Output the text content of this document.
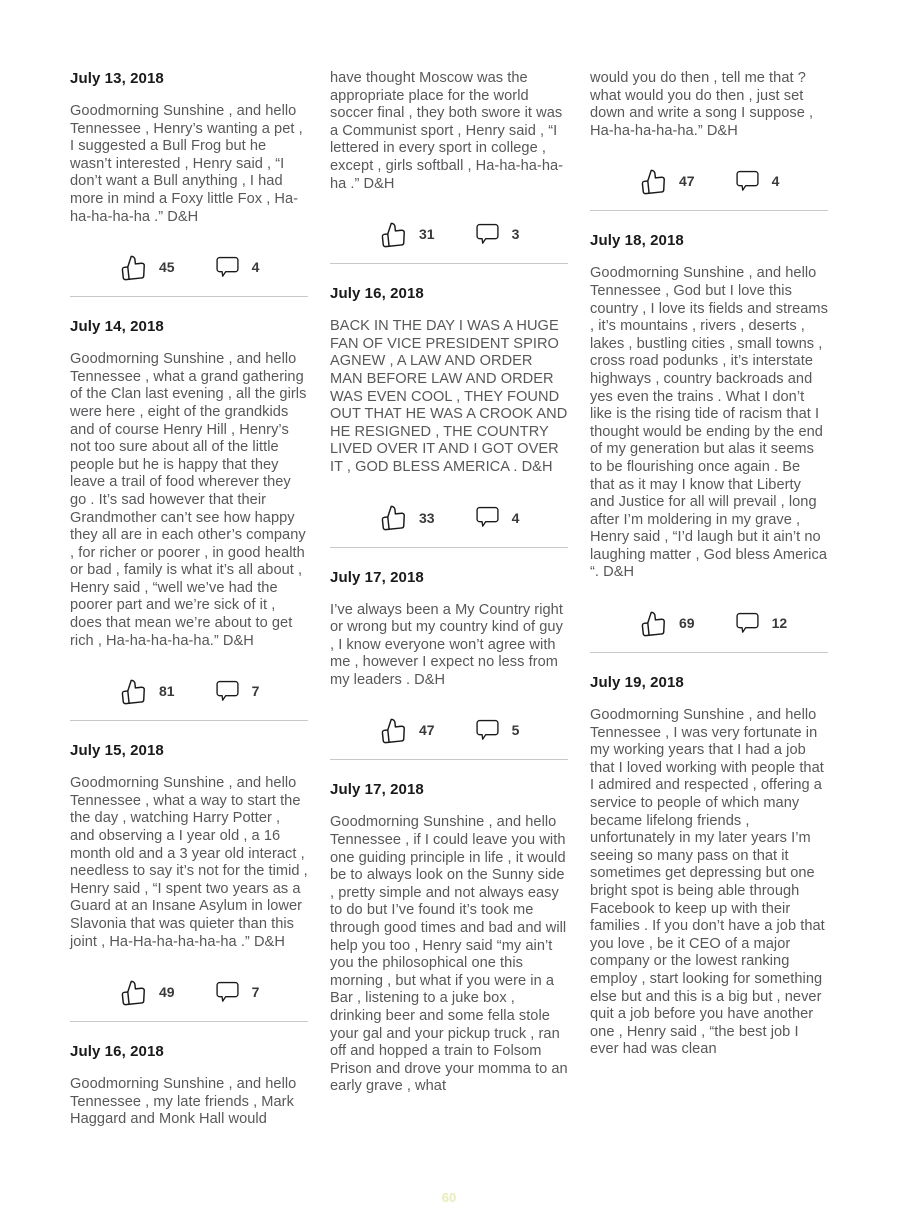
July 13, 2018

Goodmorning Sunshine , and hello Tennessee , Henry’s wanting a pet , I suggested a Bull Frog but he wasn’t interested , Henry said , “I don’t want a Bull anything , I had more in mind a Foxy little Fox , Ha-ha-ha-ha-ha .” D&H

45	4
July 14, 2018

Goodmorning Sunshine , and hello Tennessee , what a grand gathering of the Clan last evening , all the girls were here , eight of the grandkids and of course Henry Hill , Henry’s not too sure about all of the little people but he is happy that they leave a trail of food wherever they go . It’s sad however that their Grandmother can’t see how happy they all are in each other’s company , for richer or poorer , in good health or bad , family is what it’s all about , Henry said , “well we’ve had the poorer part and we’re sick of it , does that mean we’re about to get rich , Ha-ha-ha-ha-ha.” D&H

81	7
July 15, 2018

Goodmorning Sunshine , and hello Tennessee , what a way to start the the day , watching Harry Potter , and observing a I year old , a 16 month old and a 3 year old interact , needless to say it’s not for the timid , Henry said , “I spent two years as a Guard at an Insane Asylum in lower Slavonia that was quieter than this joint , Ha-Ha-ha-ha-ha-ha .” D&H

49	7
July 16, 2018

Goodmorning Sunshine , and hello Tennessee , my late friends , Mark Haggard and Monk Hall would

have thought Moscow was the appropriate place for the world soccer final , they both swore it was a Communist sport , Henry said , “I lettered in every sport in college , except , girls softball , Ha-ha-ha-ha-ha .” D&H

31	3
July 16, 2018

BACK IN THE DAY I WAS A HUGE FAN OF VICE PRESIDENT SPIRO AGNEW , A LAW AND ORDER MAN BEFORE LAW AND ORDER WAS EVEN COOL , THEY FOUND OUT THAT HE WAS A CROOK AND HE RESIGNED , THE COUNTRY LIVED OVER IT AND I GOT OVER IT , GOD BLESS AMERICA . D&H

33	4
July 17, 2018

I’ve always been a My Country right or wrong but my country kind of guy , I know everyone won’t agree with me , however I expect no less from my leaders . D&H

47	5
July 17, 2018

Goodmorning Sunshine , and hello Tennessee , if I could leave you with one guiding principle in life , it would be to always look on the Sunny side , pretty simple and not always easy to do but I’ve found it’s took me through good times and bad and will help you too , Henry said “my ain’t you the philosophical one this morning , but what if you were in a Bar , listening to a juke box , drinking beer and some fella stole your gal and your pickup truck , ran off and hopped a train to Folsom Prison and drove your momma to an early grave , what

would you do then , tell me that ? what would you do then , just set down and write a song I suppose , Ha-ha-ha-ha-ha.” D&H

47	4
July 18, 2018

Goodmorning Sunshine , and hello Tennessee , God but I love this country , I love its fields and streams , it’s mountains , rivers , deserts , lakes , bustling cities , small towns , cross road podunks , it’s interstate highways , country backroads and yes even the trains . What I don’t like is the rising tide of racism that I thought would be ending by the end of my generation but alas it seems to be flourishing once again . Be that as it may I know that Liberty and Justice for all will prevail , long after I’m moldering in my grave , Henry said , “I’d laugh but it ain’t no laughing matter , God bless America “. D&H

69	12
July 19, 2018

Goodmorning Sunshine , and hello Tennessee , I was very fortunate in my working years that I had a job that I loved working with people that I admired and respected , offering a service to people of which many became lifelong friends , unfortunately in my later years I’m seeing so many pass on that it sometimes get depressing but one bright spot is being able through Facebook to keep up with their families . If you don’t have a job that you love , be it CEO of a major company or the lowest ranking employ , start looking for something else but and this is a big but , never quit a job before you have another one , Henry said , “the best job I ever had was clean

60
